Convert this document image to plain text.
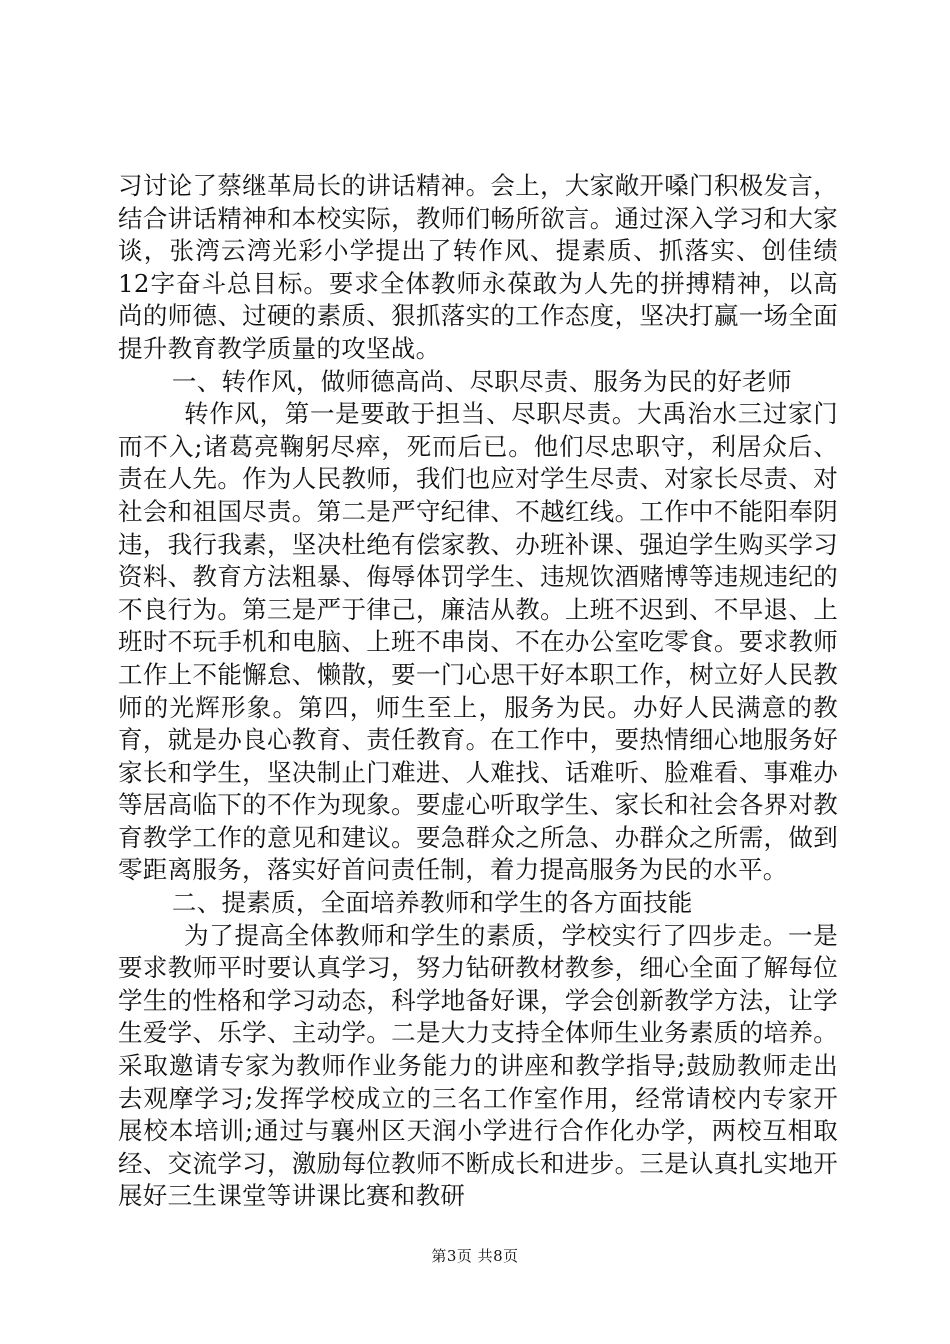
习讨论了蔡继革局长的讲话精神。会上，大家敞开嗓门积极发言，结合讲话精神和本校实际，教师们畅所欲言。通过深入学习和大家谈，张湾云湾光彩小学提出了转作风、提素质、抓落实、创佳绩12字奋斗总目标。要求全体教师永葆敢为人先的拼搏精神，以高尚的师德、过硬的素质、狠抓落实的工作态度，坚决打赢一场全面提升教育教学质量的攻坚战。

一、转作风，做师德高尚、尽职尽责、服务为民的好老师

转作风，第一是要敢于担当、尽职尽责。大禹治水三过家门而不入;诸葛亮鞠躬尽瘁，死而后已。他们尽忠职守，利居众后、责在人先。作为人民教师，我们也应对学生尽责、对家长尽责、对社会和祖国尽责。第二是严守纪律、不越红线。工作中不能阳奉阴违，我行我素，坚决杜绝有偿家教、办班补课、强迫学生购买学习资料、教育方法粗暴、侮辱体罚学生、违规饮酒赌博等违规违纪的不良行为。第三是严于律己，廉洁从教。上班不迟到、不早退、上班时不玩手机和电脑、上班不串岗、不在办公室吃零食。要求教师工作上不能懈怠、懒散，要一门心思干好本职工作，树立好人民教师的光辉形象。第四，师生至上，服务为民。办好人民满意的教育，就是办良心教育、责任教育。在工作中，要热情细心地服务好家长和学生，坚决制止门难进、人难找、话难听、脸难看、事难办等居高临下的不作为现象。要虚心听取学生、家长和社会各界对教育教学工作的意见和建议。要急群众之所急、办群众之所需，做到零距离服务，落实好首问责任制，着力提高服务为民的水平。

二、提素质，全面培养教师和学生的各方面技能

为了提高全体教师和学生的素质，学校实行了四步走。一是要求教师平时要认真学习，努力钻研教材教参，细心全面了解每位学生的性格和学习动态，科学地备好课，学会创新教学方法，让学生爱学、乐学、主动学。二是大力支持全体师生业务素质的培养。采取邀请专家为教师作业务能力的讲座和教学指导;鼓励教师走出去观摩学习;发挥学校成立的三名工作室作用，经常请校内专家开展校本培训;通过与襄州区天润小学进行合作化办学，两校互相取经、交流学习，激励每位教师不断成长和进步。三是认真扎实地开展好三生课堂等讲课比赛和教研

第3页 共8页
